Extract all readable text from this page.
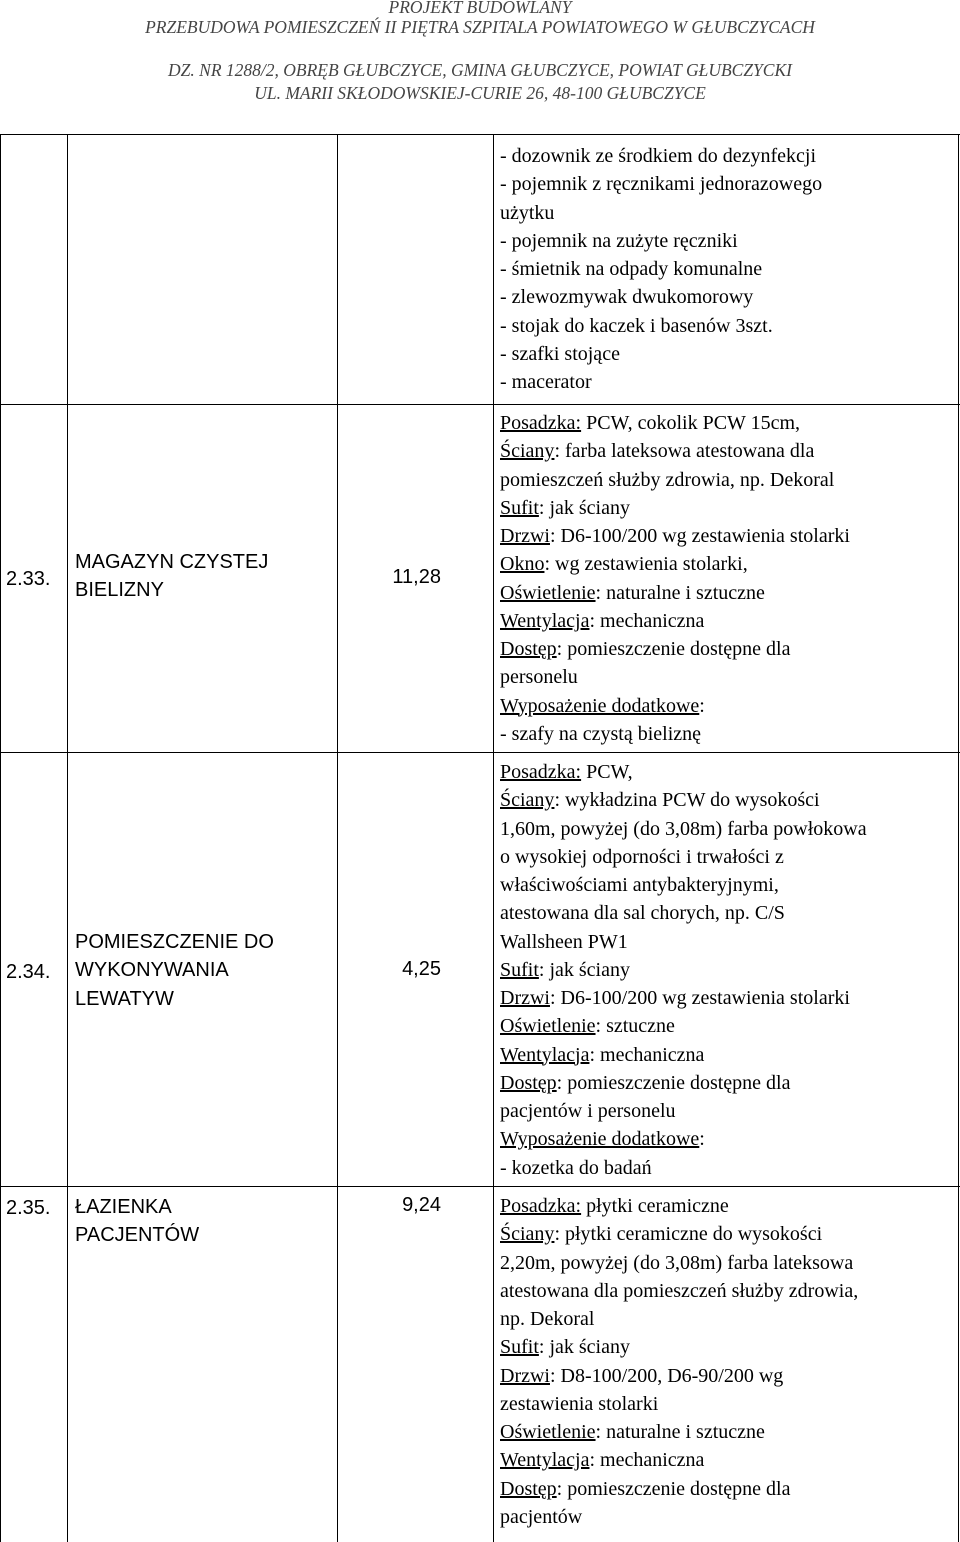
PROJEKT BUDOWLANY
PRZEBUDOWA POMIESZCZEŃ II PIĘTRA SZPITALA POWIATOWEGO W GŁUBCZYCACH
DZ. NR 1288/2, OBRĘB GŁUBCZYCE, GMINA GŁUBCZYCE, POWIAT GŁUBCZYCKI
UL. MARII SKŁODOWSKIEJ-CURIE 26, 48-100 GŁUBCZYCE
- dozownik ze środkiem do dezynfekcji
- pojemnik z ręcznikami jednorazowego
użytku
- pojemnik na zużyte ręczniki
- śmietnik na odpady komunalne
- zlewozmywak dwukomorowy
- stojak do kaczek i basenów 3szt.
- szafki stojące
- macerator
2.33.
MAGAZYN CZYSTEJ
BIELIZNY
11,28
Posadzka: PCW, cokolik PCW 15cm,
Ściany: farba lateksowa atestowana dla
pomieszczeń służby zdrowia, np. Dekoral
Sufit: jak ściany
Drzwi: D6-100/200 wg zestawienia stolarki
Okno: wg zestawienia stolarki,
Oświetlenie: naturalne i sztuczne
Wentylacja: mechaniczna
Dostęp: pomieszczenie dostępne dla
personelu
Wyposażenie dodatkowe:
- szafy na czystą bieliznę
2.34.
POMIESZCZENIE DO
WYKONYWANIA
LEWATYW
4,25
Posadzka: PCW,
Ściany: wykładzina PCW do wysokości
1,60m, powyżej (do 3,08m) farba powłokowa
o wysokiej odporności i trwałości z
właściwościami antybakteryjnymi,
atestowana dla sal chorych, np. C/S
Wallsheen PW1
Sufit: jak ściany
Drzwi: D6-100/200 wg zestawienia stolarki
Oświetlenie: sztuczne
Wentylacja: mechaniczna
Dostęp: pomieszczenie dostępne dla
pacjentów i personelu
Wyposażenie dodatkowe:
- kozetka do badań
2.35. ŁAZIENKA
PACJENTÓW
9,24	Posadzka: płytki ceramiczne
Ściany: płytki ceramiczne do wysokości
2,20m, powyżej (do 3,08m) farba lateksowa
atestowana dla pomieszczeń służby zdrowia,
np. Dekoral
Sufit: jak ściany
Drzwi: D8-100/200, D6-90/200 wg
zestawienia stolarki
Oświetlenie: naturalne i sztuczne
Wentylacja: mechaniczna
Dostęp: pomieszczenie dostępne dla
pacjentów
